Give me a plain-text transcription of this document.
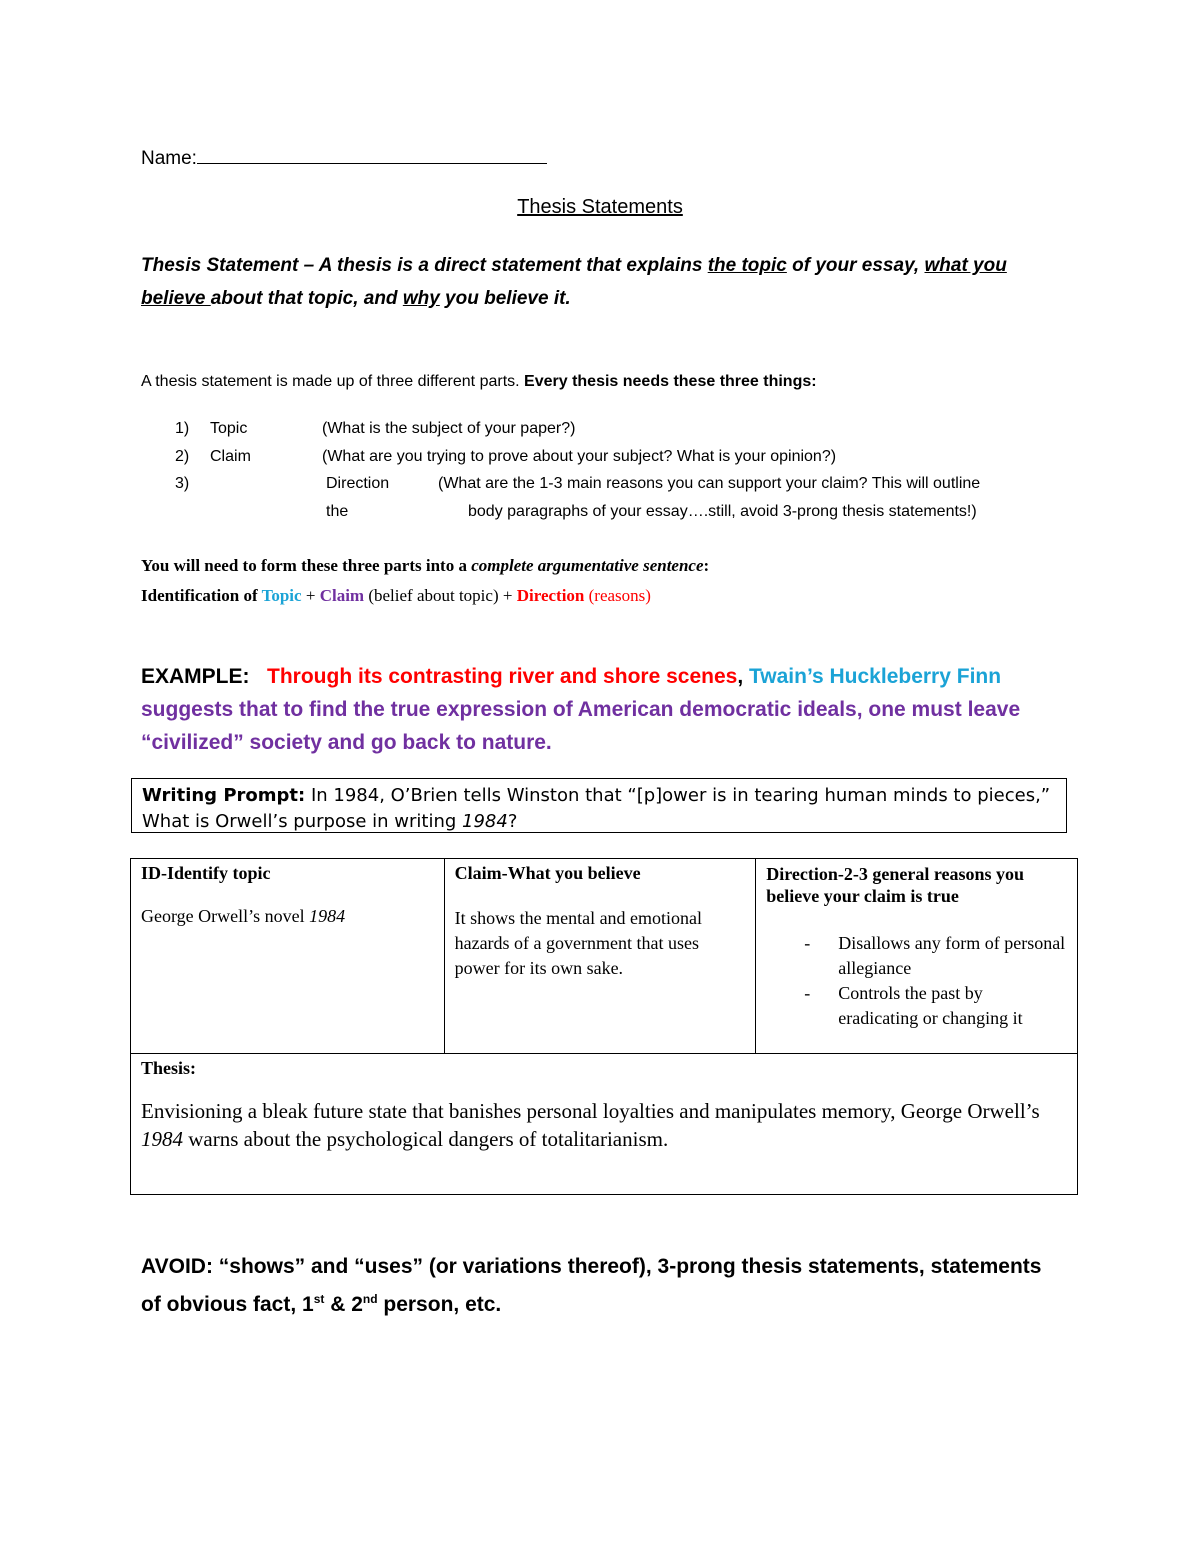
Name:
Thesis Statements
Thesis Statement – A thesis is a direct statement that explains the topic of your essay, what you believe about that topic, and why you believe it.
A thesis statement is made up of three different parts. Every thesis needs these three things:
1) Topic	(What is the subject of your paper?)
2) Claim	(What are you trying to prove about your subject? What is your opinion?)
3)	Direction	(What are the 1-3 main reasons you can support your claim? This will outline
the	body paragraphs of your essay….still, avoid 3-prong thesis statements!)
You will need to form these three parts into a complete argumentative sentence:
Identification of Topic + Claim (belief about topic) + Direction (reasons)
EXAMPLE: Through its contrasting river and shore scenes, Twain’s Huckleberry Finn suggests that to find the true expression of American democratic ideals, one must leave “civilized” society and go back to nature.
Writing Prompt: In 1984, O’Brien tells Winston that “[p]ower is in tearing human minds to pieces,” What is Orwell’s purpose in writing 1984?
ID-Identify topic
George Orwell’s novel 1984

Claim-What you believe
It shows the mental and emotional hazards of a government that uses power for its own sake.

Direction-2-3 general reasons you believe your claim is true
- Disallows any form of personal allegiance
- Controls the past by eradicating or changing it

Thesis:
Envisioning a bleak future state that banishes personal loyalties and manipulates memory, George Orwell’s 1984 warns about the psychological dangers of totalitarianism.
AVOID: “shows” and “uses” (or variations thereof), 3-prong thesis statements, statements of obvious fact, 1st & 2nd person, etc.
